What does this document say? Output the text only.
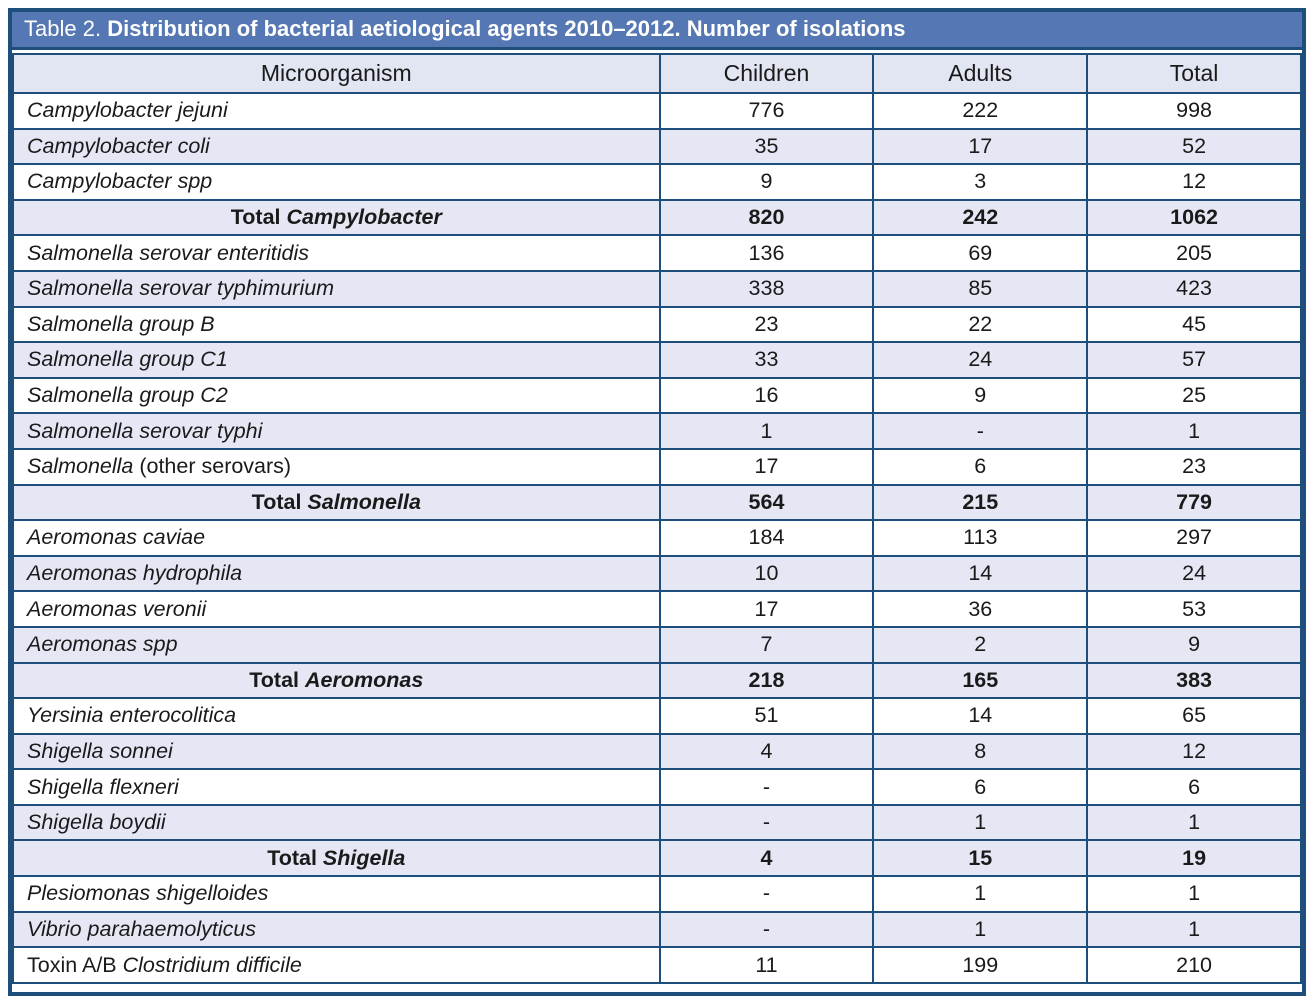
Table 2. Distribution of bacterial aetiological agents 2010–2012. Number of isolations
Microorganism	Children	Adults	Total
Campylobacter jejuni	776	222	998
Campylobacter coli	35	17	52
Campylobacter spp	9	3	12
Total Campylobacter	820	242	1062
Salmonella serovar enteritidis	136	69	205
Salmonella serovar typhimurium	338	85	423
Salmonella group B	23	22	45
Salmonella group C1	33	24	57
Salmonella group C2	16	9	25
Salmonella serovar typhi	1	-	1
Salmonella (other serovars)	17	6	23
Total Salmonella	564	215	779
Aeromonas caviae	184	113	297
Aeromonas hydrophila	10	14	24
Aeromonas veronii	17	36	53
Aeromonas spp	7	2	9
Total Aeromonas	218	165	383
Yersinia enterocolitica	51	14	65
Shigella sonnei	4	8	12
Shigella flexneri	-	6	6
Shigella boydii	-	1	1
Total Shigella	4	15	19
Plesiomonas shigelloides	-	1	1
Vibrio parahaemolyticus	-	1	1
Toxin A/B Clostridium difficile	11	199	210
